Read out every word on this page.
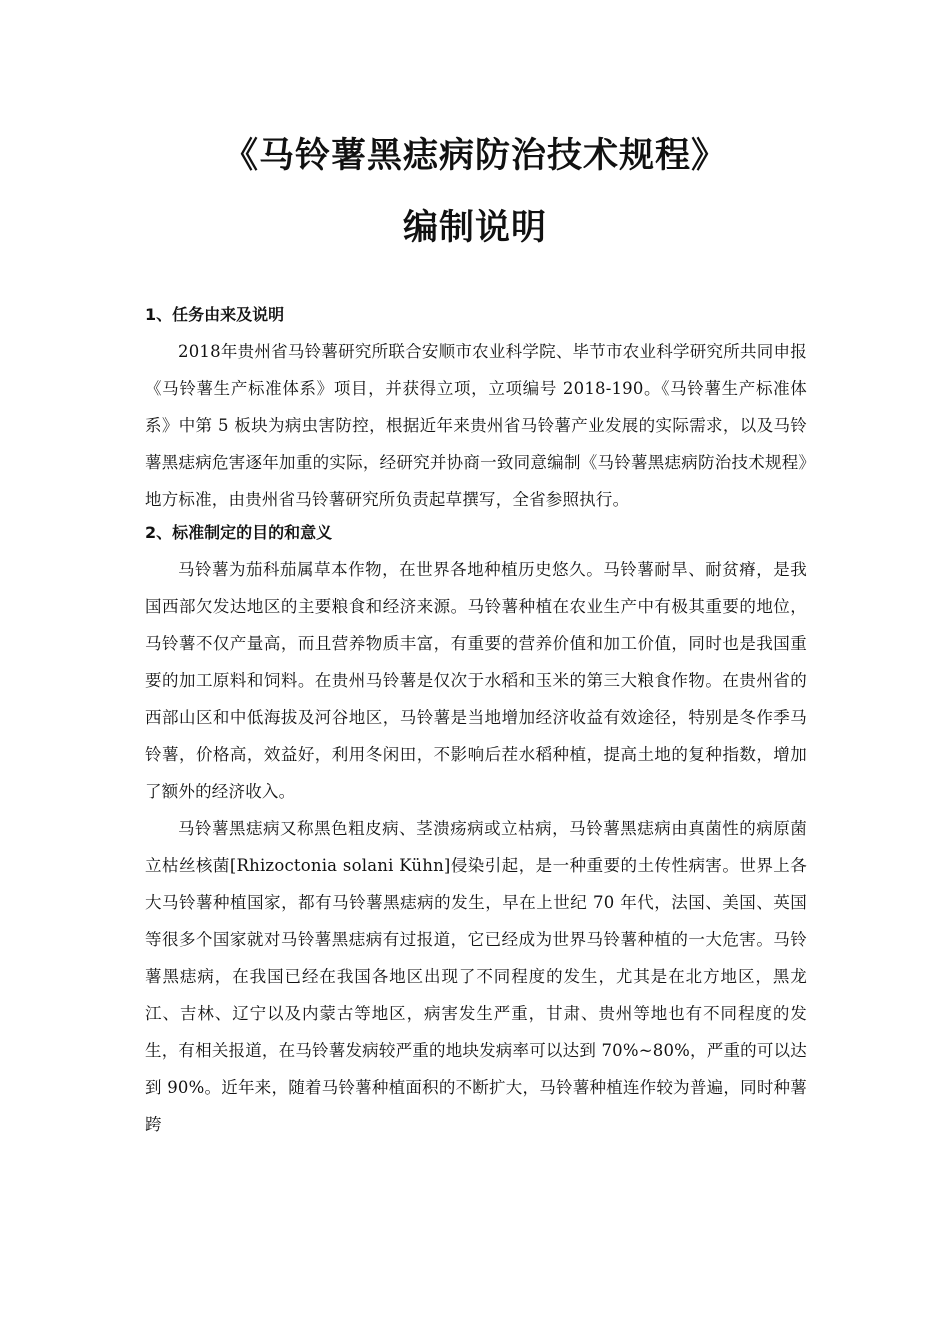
《马铃薯黑痣病防治技术规程》
编制说明
1、任务由来及说明

2018年贵州省马铃薯研究所联合安顺市农业科学院、毕节市农业科学研究所共同申报《马铃薯生产标准体系》项目，并获得立项，立项编号 2018-190。《马铃薯生产标准体系》中第 5 板块为病虫害防控，根据近年来贵州省马铃薯产业发展的实际需求，以及马铃薯黑痣病危害逐年加重的实际，经研究并协商一致同意编制《马铃薯黑痣病防治技术规程》地方标准，由贵州省马铃薯研究所负责起草撰写，全省参照执行。

2、标准制定的目的和意义

马铃薯为茄科茄属草本作物，在世界各地种植历史悠久。马铃薯耐旱、耐贫瘠，是我国西部欠发达地区的主要粮食和经济来源。马铃薯种植在农业生产中有极其重要的地位，马铃薯不仅产量高，而且营养物质丰富，有重要的营养价值和加工价值，同时也是我国重要的加工原料和饲料。在贵州马铃薯是仅次于水稻和玉米的第三大粮食作物。在贵州省的西部山区和中低海拔及河谷地区，马铃薯是当地增加经济收益有效途径，特别是冬作季马铃薯，价格高，效益好，利用冬闲田，不影响后茬水稻种植，提高土地的复种指数，增加了额外的经济收入。

马铃薯黑痣病又称黑色粗皮病、茎溃疡病或立枯病，马铃薯黑痣病由真菌性的病原菌立枯丝核菌[Rhizoctonia solani Kühn]侵染引起，是一种重要的土传性病害。世界上各大马铃薯种植国家，都有马铃薯黑痣病的发生，早在上世纪 70 年代，法国、美国、英国等很多个国家就对马铃薯黑痣病有过报道，它已经成为世界马铃薯种植的一大危害。马铃薯黑痣病，在我国已经在我国各地区出现了不同程度的发生，尤其是在北方地区，黑龙江、吉林、辽宁以及内蒙古等地区，病害发生严重，甘肃、贵州等地也有不同程度的发生，有相关报道，在马铃薯发病较严重的地块发病率可以达到 70%~80%，严重的可以达到 90%。近年来，随着马铃薯种植面积的不断扩大，马铃薯种植连作较为普遍，同时种薯跨
